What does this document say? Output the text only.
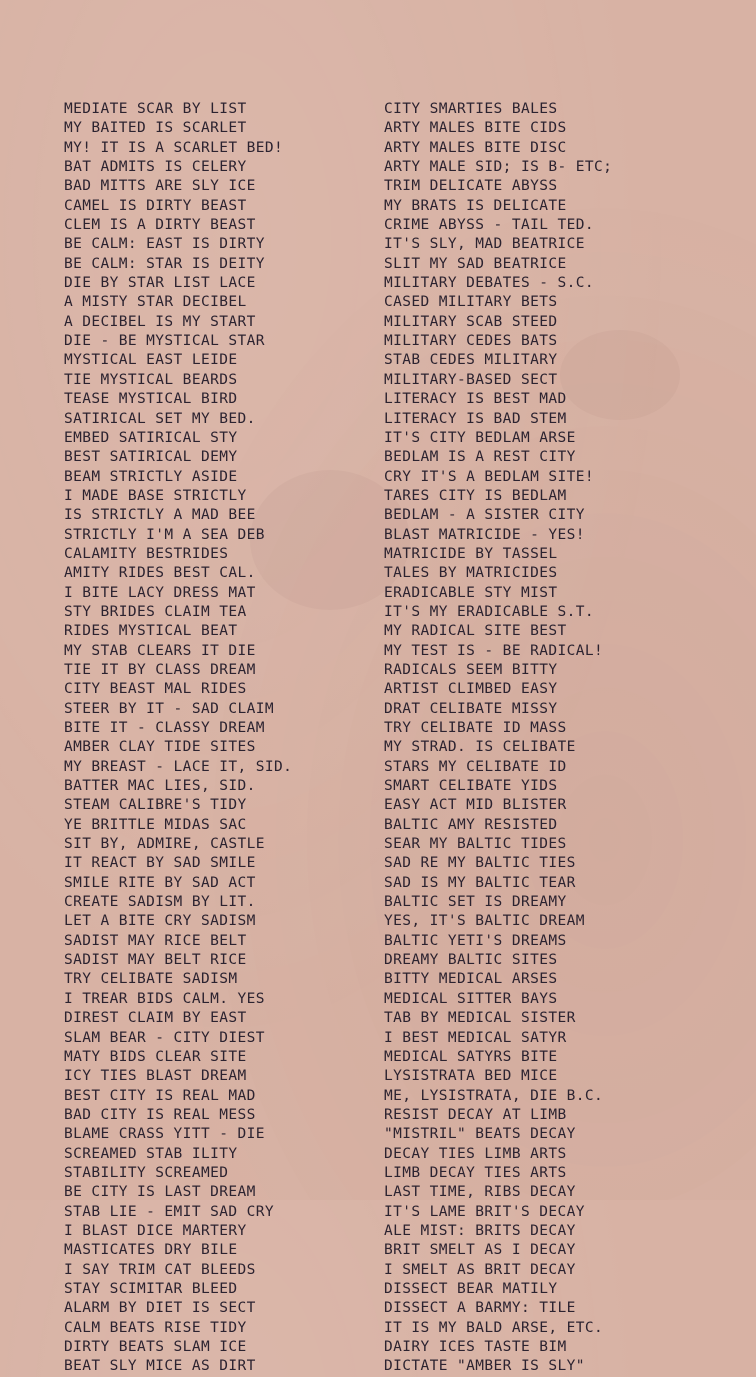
MEDIATE SCAR BY LIST
MY BAITED IS SCARLET
MY! IT IS A SCARLET BED!
BAT ADMITS IS CELERY
BAD MITTS ARE SLY ICE
CAMEL IS DIRTY BEAST
CLEM IS A DIRTY BEAST
BE CALM: EAST IS DIRTY
BE CALM: STAR IS DEITY
DIE BY STAR LIST LACE
A MISTY STAR DECIBEL
A DECIBEL IS MY START
DIE - BE MYSTICAL STAR
MYSTICAL EAST LEIDE
TIE MYSTICAL BEARDS
TEASE MYSTICAL BIRD
SATIRICAL SET MY BED.
EMBED SATIRICAL STY
BEST SATIRICAL DEMY
BEAM STRICTLY ASIDE
I MADE BASE STRICTLY
IS STRICTLY A MAD BEE
STRICTLY I'M A SEA DEB
CALAMITY BESTRIDES
AMITY RIDES BEST CAL.
I BITE LACY DRESS MAT
STY BRIDES CLAIM TEA
RIDES MYSTICAL BEAT
MY STAB CLEARS IT DIE
TIE IT BY CLASS DREAM
CITY BEAST MAL RIDES
STEER BY IT - SAD CLAIM
BITE IT - CLASSY DREAM
AMBER CLAY TIDE SITES
MY BREAST - LACE IT, SID.
BATTER MAC LIES, SID.
STEAM CALIBRE'S TIDY
YE BRITTLE MIDAS SAC
SIT BY, ADMIRE, CASTLE
IT REACT BY SAD SMILE
SMILE RITE BY SAD ACT
CREATE SADISM BY LIT.
LET A BITE CRY SADISM
SADIST MAY RICE BELT
SADIST MAY BELT RICE
TRY CELIBATE SADISM
I TREAR BIDS CALM. YES
DIREST CLAIM BY EAST
SLAM BEAR - CITY DIEST
MATY BIDS CLEAR SITE
ICY TIES BLAST DREAM
BEST CITY IS REAL MAD
BAD CITY IS REAL MESS
BLAME CRASS YITT - DIE
SCREAMED STAB ILITY
STABILITY SCREAMED
BE CITY IS LAST DREAM
STAB LIE - EMIT SAD CRY
I BLAST DICE MARTERY
MASTICATES DRY BILE
I SAY TRIM CAT BLEEDS
STAY SCIMITAR BLEED
ALARM BY DIET IS SECT
CALM BEATS RISE TIDY
DIRTY BEATS SLAM ICE
BEAT SLY MICE AS DIRT
CITY SMARTIES BALES
ARTY MALES BITE CIDS
ARTY MALES BITE DISC
ARTY MALE SID; IS B- ETC;
TRIM DELICATE ABYSS
MY BRATS IS DELICATE
CRIME ABYSS - TAIL TED.
IT'S SLY, MAD BEATRICE
SLIT MY SAD BEATRICE
MILITARY DEBATES - S.C.
CASED MILITARY BETS
MILITARY SCAB STEED
MILITARY CEDES BATS
STAB CEDES MILITARY
MILITARY-BASED SECT
LITERACY IS BEST MAD
LITERACY IS BAD STEM
IT'S CITY BEDLAM ARSE
BEDLAM IS A REST CITY
CRY IT'S A BEDLAM SITE!
TARES CITY IS BEDLAM
BEDLAM - A SISTER CITY
BLAST MATRICIDE - YES!
MATRICIDE BY TASSEL
TALES BY MATRICIDES
ERADICABLE STY MIST
IT'S MY ERADICABLE S.T.
MY RADICAL SITE BEST
MY TEST IS - BE RADICAL!
RADICALS SEEM BITTY
ARTIST CLIMBED EASY
DRAT CELIBATE MISSY
TRY CELIBATE ID MASS
MY STRAD. IS CELIBATE
STARS MY CELIBATE ID
SMART CELIBATE YIDS
EASY ACT MID BLISTER
BALTIC AMY RESISTED
SEAR MY BALTIC TIDES
SAD RE MY BALTIC TIES
SAD IS MY BALTIC TEAR
BALTIC SET IS DREAMY
YES, IT'S BALTIC DREAM
BALTIC YETI'S DREAMS
DREAMY BALTIC SITES
BITTY MEDICAL ARSES
MEDICAL SITTER BAYS
TAB BY MEDICAL SISTER
I BEST MEDICAL SATYR
MEDICAL SATYRS BITE
LYSISTRATA BED MICE
ME, LYSISTRATA, DIE B.C.
RESIST DECAY AT LIMB
"MISTRIL" BEATS DECAY
DECAY TIES LIMB ARTS
LIMB DECAY TIES ARTS
LAST TIME, RIBS DECAY
IT'S LAME BRIT'S DECAY
ALE MIST: BRITS DECAY
BRIT SMELT AS I DECAY
I SMELT AS BRIT DECAY
DISSECT BEAR MATILY
DISSECT A BARMY: TILE
IT IS MY BALD ARSE, ETC.
DAIRY ICES TASTE BIM
DICTATE "AMBER IS SLY"
